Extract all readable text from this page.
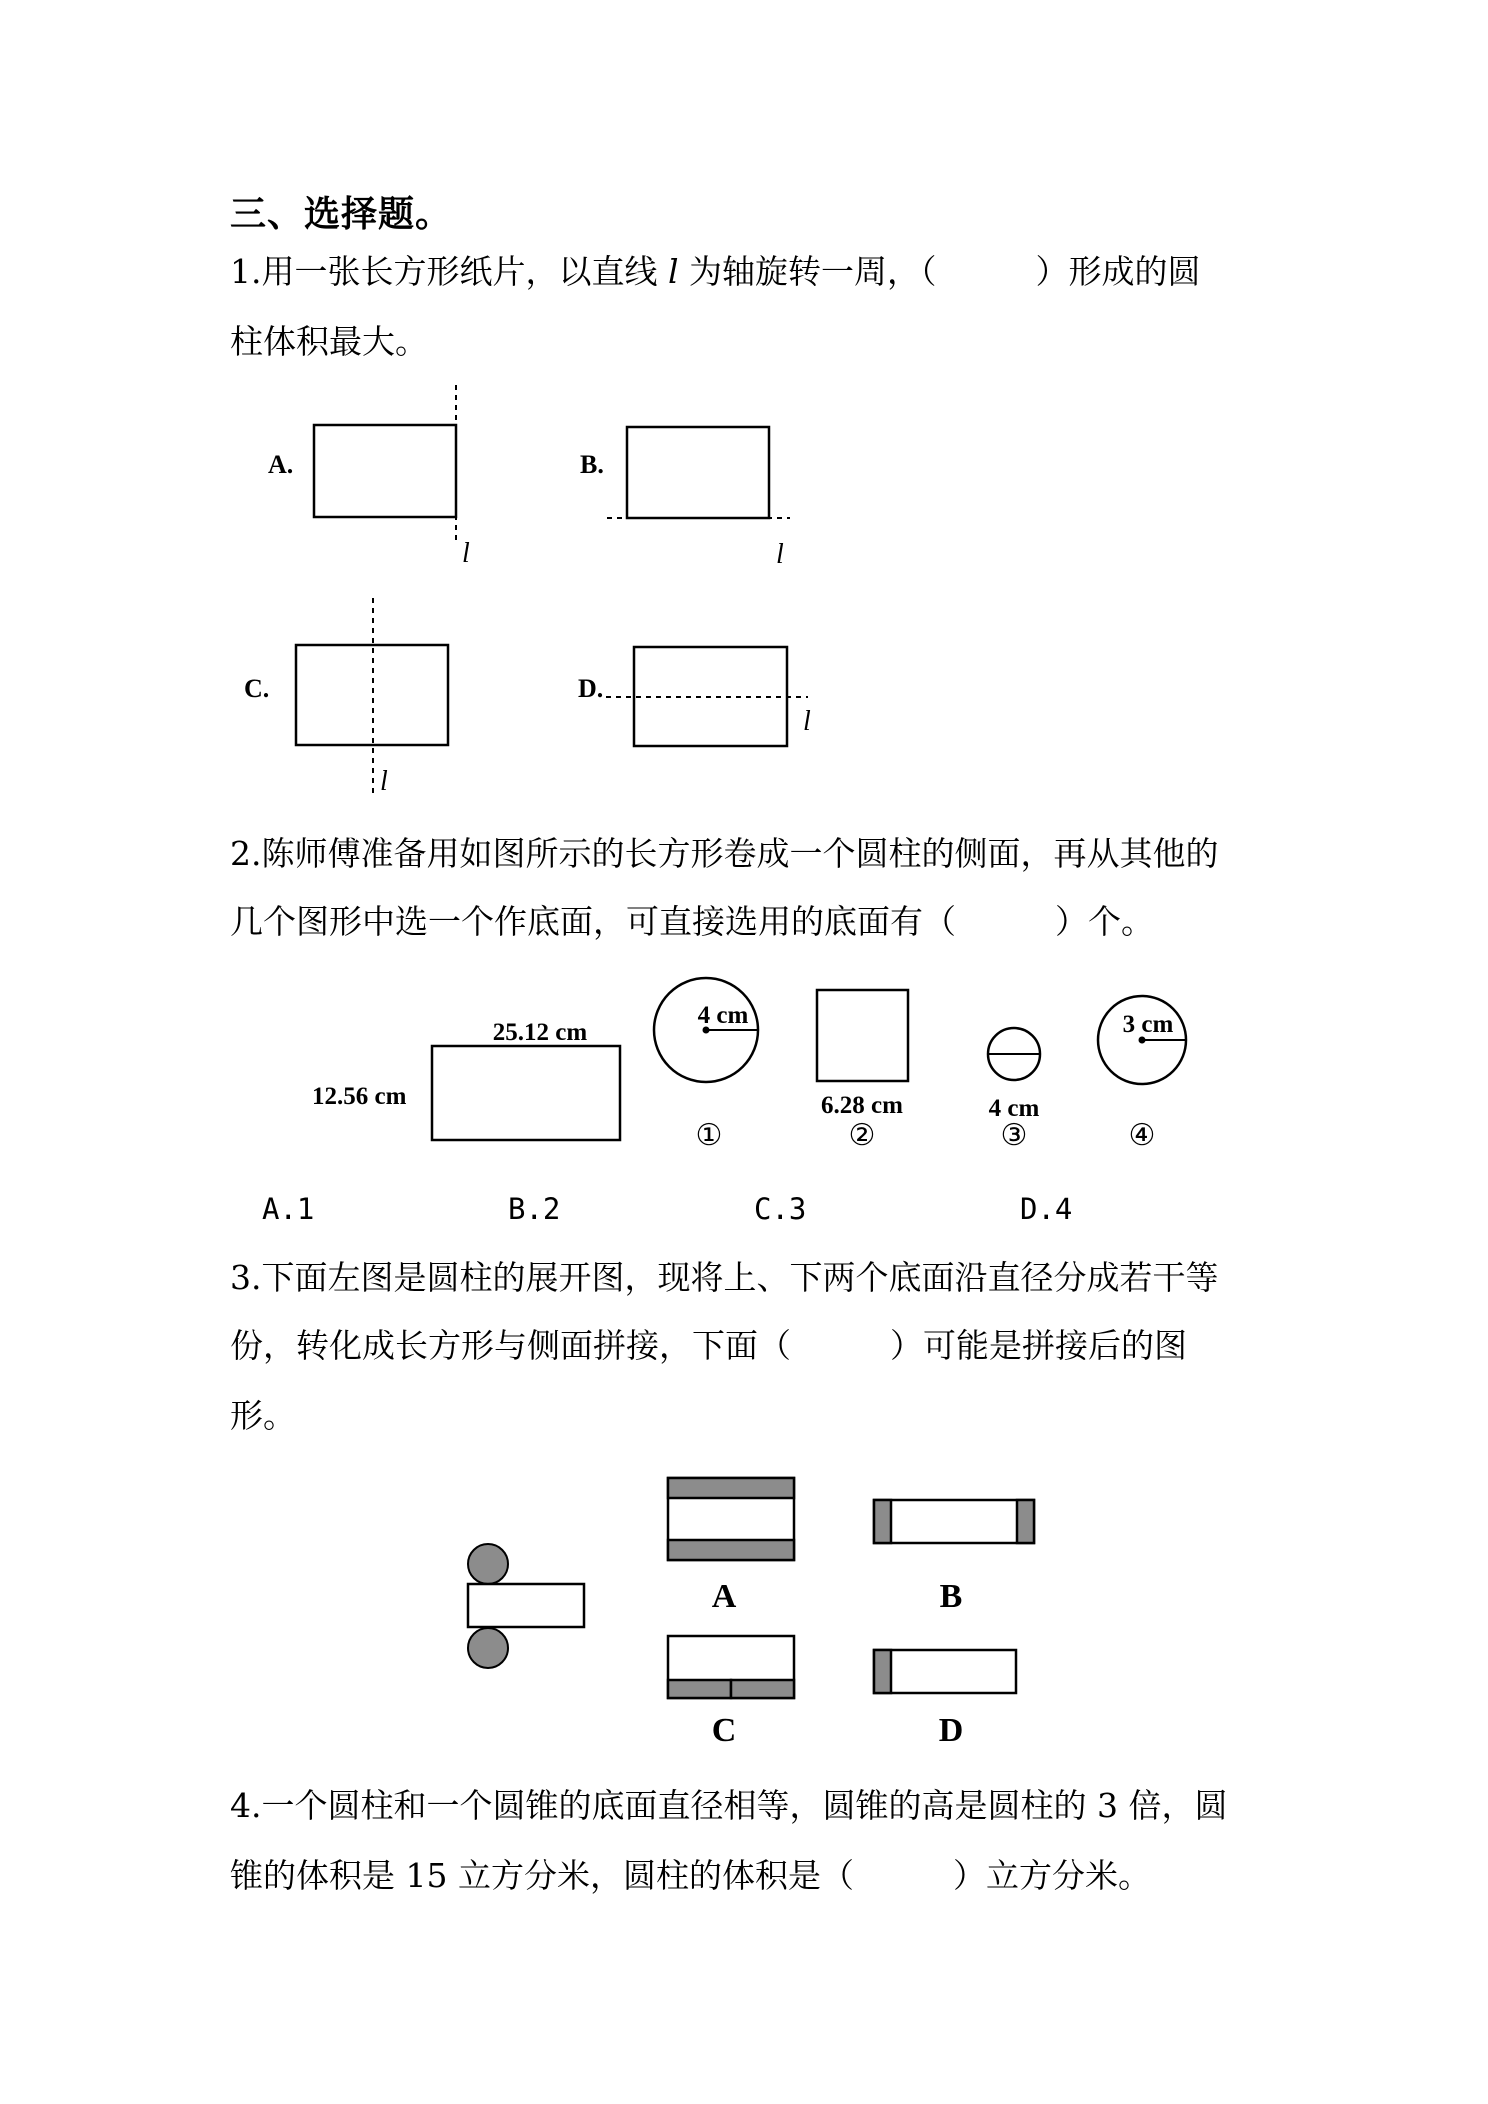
三、选择题。
1.用一张长方形纸片，以直线 l 为轴旋转一周，（　　　）形成的圆
柱体积最大。
A.
l
B.
l
C.
l
D.
l
2.陈师傅准备用如图所示的长方形卷成一个圆柱的侧面，再从其他的
几个图形中选一个作底面，可直接选用的底面有（　　　）个。
25.12 cm
12.56 cm
4 cm
①
6.28 cm
②
4 cm
③
3 cm
④
A.1	B.2	C.3	D.4
3.下面左图是圆柱的展开图，现将上、下两个底面沿直径分成若干等
份，转化成长方形与侧面拼接，下面（　　　）可能是拼接后的图
形。
A	B
C	D
4.一个圆柱和一个圆锥的底面直径相等，圆锥的高是圆柱的 3 倍，圆
锥的体积是 15 立方分米，圆柱的体积是（　　　）立方分米。
